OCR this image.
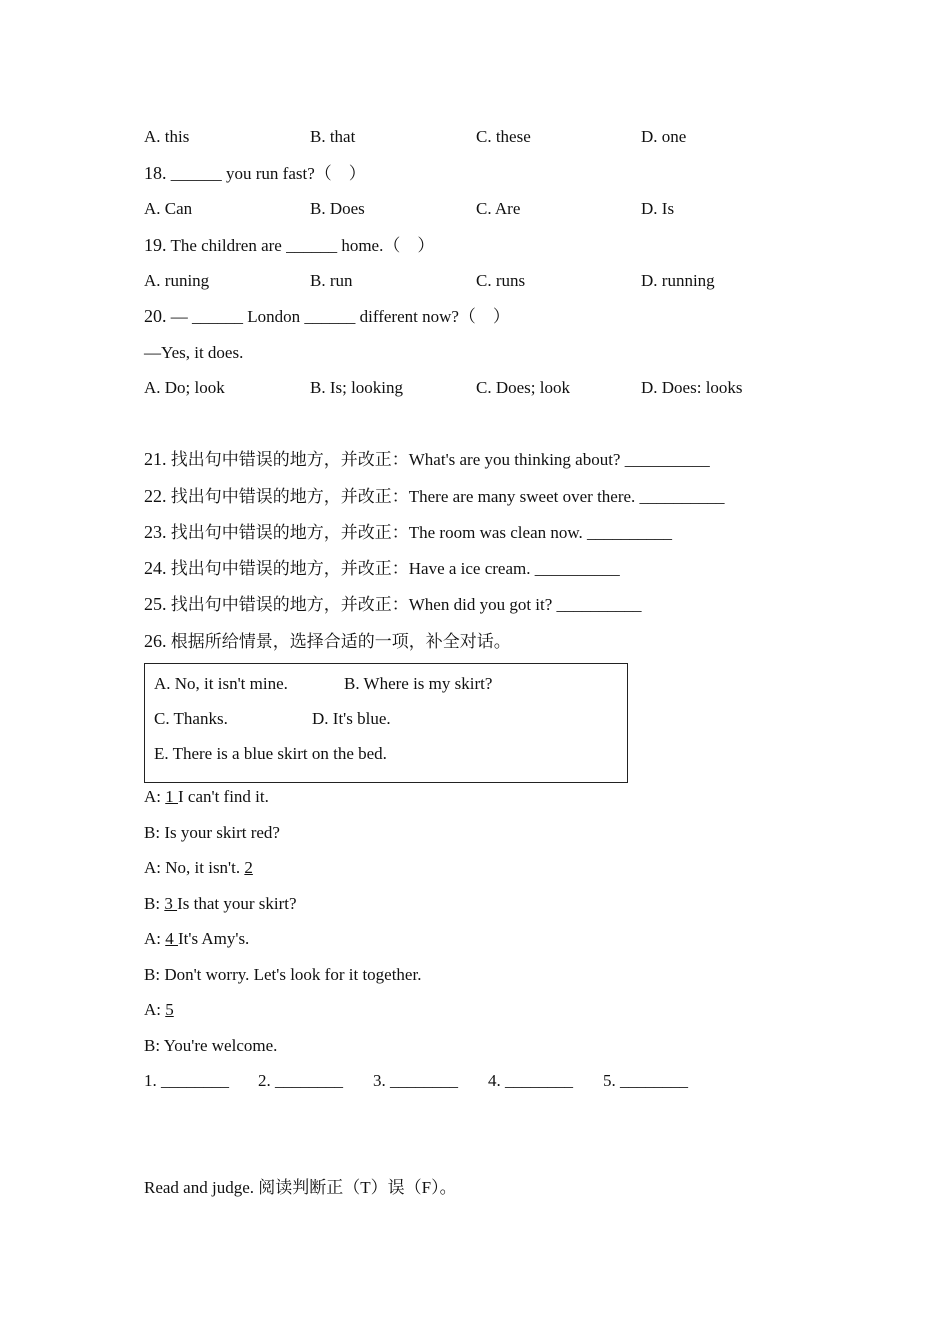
A. this	B. that	C. these	D. one
18. ______ you run fast?（　）
A. Can	B. Does	C. Are	D. Is
19. The children are ______ home.（　）
A. runing	B. run	C. runs	D. running
20. — ______ London ______ different now?（　）
—Yes, it does.
A. Do; look	B. Is; looking	C. Does; look	D. Does: looks
21. 找出句中错误的地方，并改正：What's are you thinking about? __________
22. 找出句中错误的地方，并改正：There are many sweet over there. __________
23. 找出句中错误的地方，并改正：The room was clean now. __________
24. 找出句中错误的地方，并改正：Have a ice cream. __________
25. 找出句中错误的地方，并改正：When did you got it? __________
26. 根据所给情景，选择合适的一项，补全对话。
A. No, it isn't mine.	B. Where is my skirt?
C. Thanks.	D. It's blue.
E. There is a blue skirt on the bed.
A: 1 I can't find it.
B: Is your skirt red?
A: No, it isn't. 2
B: 3 Is that your skirt?
A: 4 It's Amy's.
B: Don't worry. Let's look for it together.
A: 5
B: You're welcome.
1. ________ 2. ________ 3. ________ 4. ________ 5. ________
Read and judge. 阅读判断正（T）误（F）。
